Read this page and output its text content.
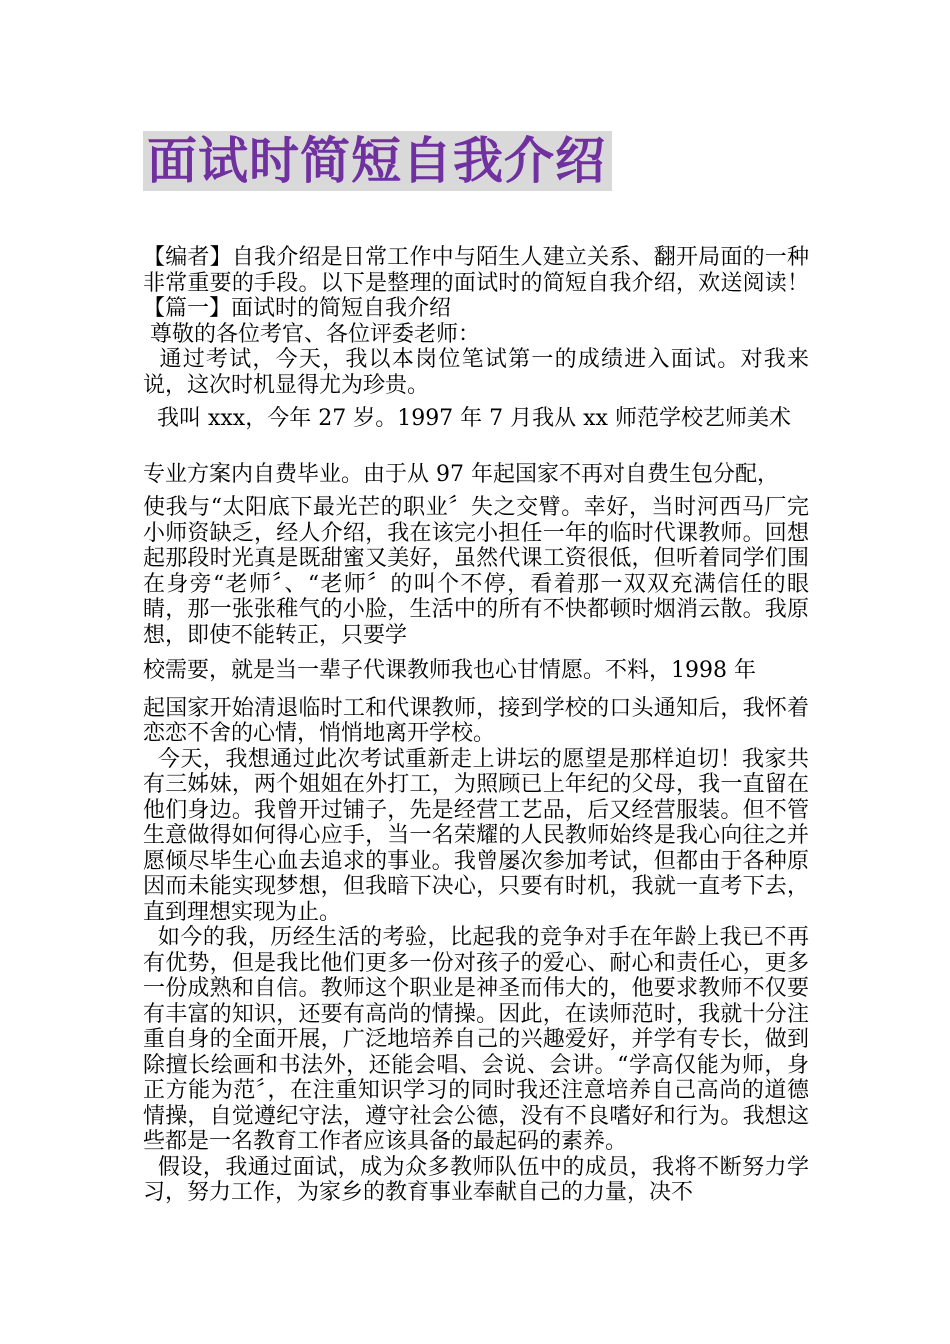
面试时简短自我介绍

【编者】自我介绍是日常工作中与陌生人建立关系、翻开局面的一种非常重要的手段。以下是整理的面试时的简短自我介绍，欢送阅读！【篇一】面试时的简短自我介绍

尊敬的各位考官、各位评委老师：

通过考试，今天，我以本岗位笔试第一的成绩进入面试。对我来说，这次时机显得尤为珍贵。

我叫 xxx，今年 27 岁。1997 年 7 月我从 xx 师范学校艺师美术

专业方案内自费毕业。由于从 97 年起国家不再对自费生包分配，

使我与“太阳底下最光芒的职业〞失之交臂。幸好，当时河西马厂完小师资缺乏，经人介绍，我在该完小担任一年的临时代课教师。回想起那段时光真是既甜蜜又美好，虽然代课工资很低，但听着同学们围在身旁“老师〞、“老师〞的叫个不停，看着那一双双充满信任的眼睛，那一张张稚气的小脸，生活中的所有不快都顿时烟消云散。我原想，即使不能转正，只要学

校需要，就是当一辈子代课教师我也心甘情愿。不料，1998 年

起国家开始清退临时工和代课教师，接到学校的口头通知后，我怀着恋恋不舍的心情，悄悄地离开学校。

今天，我想通过此次考试重新走上讲坛的愿望是那样迫切！我家共有三姊妹，两个姐姐在外打工，为照顾已上年纪的父母，我一直留在他们身边。我曾开过铺子，先是经营工艺品，后又经营服装。但不管生意做得如何得心应手，当一名荣耀的人民教师始终是我心向往之并愿倾尽毕生心血去追求的事业。我曾屡次参加考试，但都由于各种原因而未能实现梦想，但我暗下决心，只要有时机，我就一直考下去，直到理想实现为止。

如今的我，历经生活的考验，比起我的竞争对手在年龄上我已不再有优势，但是我比他们更多一份对孩子的爱心、耐心和责任心，更多一份成熟和自信。教师这个职业是神圣而伟大的，他要求教师不仅要有丰富的知识，还要有高尚的情操。因此，在读师范时，我就十分注重自身的全面开展，广泛地培养自己的兴趣爱好，并学有专长，做到除擅长绘画和书法外，还能会唱、会说、会讲。“学高仅能为师，身正方能为范〞，在注重知识学习的同时我还注意培养自己高尚的道德情操，自觉遵纪守法，遵守社会公德，没有不良嗜好和行为。我想这些都是一名教育工作者应该具备的最起码的素养。

假设，我通过面试，成为众多教师队伍中的成员，我将不断努力学习，努力工作，为家乡的教育事业奉献自己的力量，决不
